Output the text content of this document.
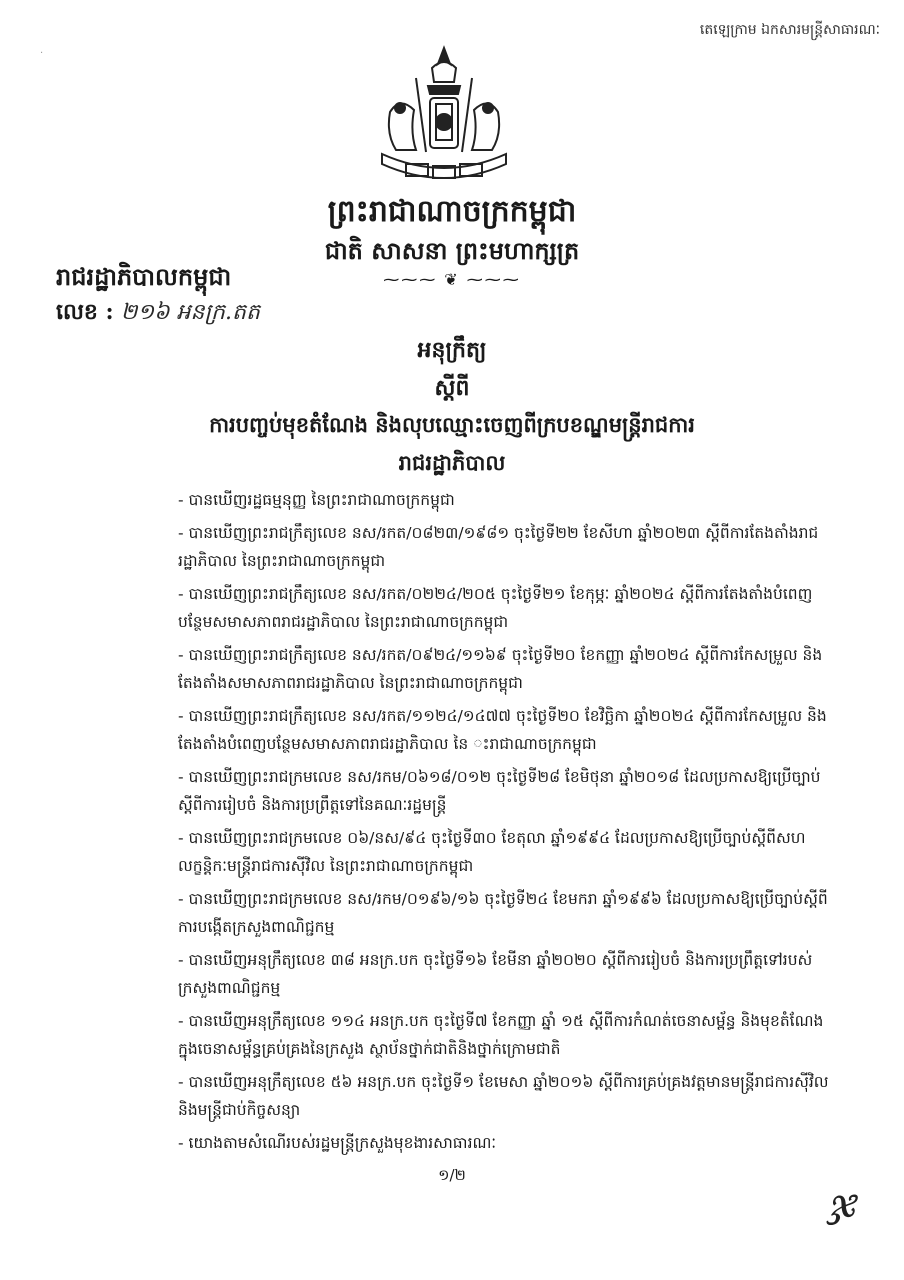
តេឡេក្រាម ឯកសារមន្ត្រីសាធារណៈ
·
ព្រះរាជាណាចក្រកម្ពុជា
ជាតិ សាសនា ព្រះមហាក្សត្រ
⁓⁓⁓ ❦ ⁓⁓⁓
រាជរដ្ឋាភិបាលកម្ពុជា
លេខ : ២១៦ អនក្រ.តត
អនុក្រឹត្យ
ស្តីពី
ការបញ្ចប់មុខតំណែង និងលុបឈ្មោះចេញពីក្របខណ្ឌមន្ត្រីរាជការ
រាជរដ្ឋាភិបាល
- បានឃើញរដ្ឋធម្មនុញ្ញ នៃព្រះរាជាណាចក្រកម្ពុជា
- បានឃើញព្រះរាជក្រឹត្យលេខ នស/រកត/០៨២៣/១៩៨១ ចុះថ្ងៃទី២២ ខែសីហា ឆ្នាំ២០២៣ ស្តីពីការតែងតាំងរាជរដ្ឋាភិបាល នៃព្រះរាជាណាចក្រកម្ពុជា
- បានឃើញព្រះរាជក្រឹត្យលេខ នស/រកត/០២២៤/២០៥ ចុះថ្ងៃទី២១ ខែកុម្ភៈ ឆ្នាំ២០២៤ ស្តីពីការតែងតាំងបំពេញបន្ថែមសមាសភាពរាជរដ្ឋាភិបាល នៃព្រះរាជាណាចក្រកម្ពុជា
- បានឃើញព្រះរាជក្រឹត្យលេខ នស/រកត/០៩២៤/១១៦៩ ចុះថ្ងៃទី២០ ខែកញ្ញា ឆ្នាំ២០២៤ ស្តីពីការកែសម្រួល និងតែងតាំងសមាសភាពរាជរដ្ឋាភិបាល នៃព្រះរាជាណាចក្រកម្ពុជា
- បានឃើញព្រះរាជក្រឹត្យលេខ នស/រកត/១១២៤/១៤៧៧ ចុះថ្ងៃទី២០ ខែវិច្ឆិកា ឆ្នាំ២០២៤ ស្តីពីការកែសម្រួល និងតែងតាំងបំពេញបន្ថែមសមាសភាពរាជរដ្ឋាភិបាល នៃ ះរាជាណាចក្រកម្ពុជា
- បានឃើញព្រះរាជក្រមលេខ នស/រកម/០៦១៨/០១២ ចុះថ្ងៃទី២៨ ខែមិថុនា ឆ្នាំ២០១៨ ដែលប្រកាសឱ្យប្រើច្បាប់ស្តីពីការរៀបចំ និងការប្រព្រឹត្តទៅនៃគណៈរដ្ឋមន្ត្រី
- បានឃើញព្រះរាជក្រមលេខ ០៦/នស/៩៤ ចុះថ្ងៃទី៣០ ខែតុលា ឆ្នាំ១៩៩៤ ដែលប្រកាសឱ្យប្រើច្បាប់ស្តីពីសហលក្ខន្តិកៈមន្ត្រីរាជការស៊ីវិល នៃព្រះរាជាណាចក្រកម្ពុជា
- បានឃើញព្រះរាជក្រមលេខ នស/រកម/០១៩៦/១៦ ចុះថ្ងៃទី២៤ ខែមករា ឆ្នាំ១៩៩៦ ដែលប្រកាសឱ្យប្រើច្បាប់ស្តីពីការបង្កើតក្រសួងពាណិជ្ជកម្ម
- បានឃើញអនុក្រឹត្យលេខ ៣៨ អនក្រ.បក ចុះថ្ងៃទី១៦ ខែមីនា ឆ្នាំ២០២០ ស្តីពីការរៀបចំ និងការប្រព្រឹត្តទៅរបស់ក្រសួងពាណិជ្ជកម្ម
- បានឃើញអនុក្រឹត្យលេខ ១១៤ អនក្រ.បក ចុះថ្ងៃទី៧ ខែកញ្ញា ឆ្នាំ ១៥ ស្តីពីការកំណត់ចេនាសម្ព័ន្ធ និងមុខតំណែងក្នុងចេនាសម្ព័ន្ធគ្រប់គ្រងនៃក្រសួង ស្ថាប័នថ្នាក់ជាតិនិងថ្នាក់ក្រោមជាតិ
- បានឃើញអនុក្រឹត្យលេខ ៥៦ អនក្រ.បក ចុះថ្ងៃទី១ ខែមេសា ឆ្នាំ២០១៦ ស្តីពីការគ្រប់គ្រងវត្តមានមន្ត្រីរាជការស៊ីវិល និងមន្ត្រីជាប់កិច្ចសន្យា
- យោងតាមសំណើរបស់រដ្ឋមន្ត្រីក្រសួងមុខងារសាធារណៈ
១/២
ჯ
